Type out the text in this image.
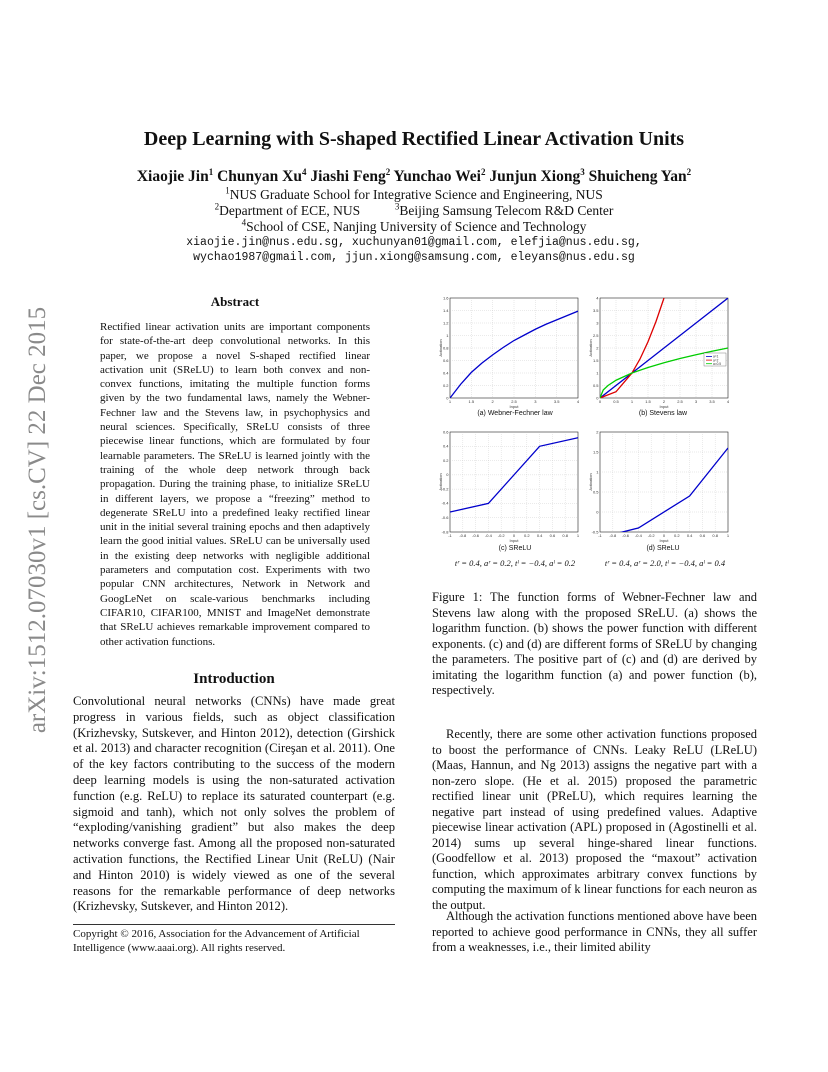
arXiv:1512.07030v1 [cs.CV] 22 Dec 2015
Deep Learning with S-shaped Rectified Linear Activation Units
Xiaojie Jin$^1$ Chunyan Xu$^4$ Jiashi Feng$^2$ Yunchao Wei$^2$ Junjun Xiong$^3$ Shuicheng Yan$^2$
$^1$NUS Graduate School for Integrative Science and Engineering, NUS
$^2$Department of ECE, NUS	$^3$Beijing Samsung Telecom R&D Center
$^4$School of CSE, Nanjing University of Science and Technology
xiaojie.jin@nus.edu.sg, xuchunyan01@gmail.com, elefjia@nus.edu.sg,
wychao1987@gmail.com, jjun.xiong@samsung.com, eleyans@nus.edu.sg
Abstract
Rectified linear activation units are important components for state-of-the-art deep convolutional networks. In this paper, we propose a novel S-shaped rectified linear activation unit (SReLU) to learn both convex and non-convex functions, imitating the multiple function forms given by the two fundamental laws, namely the Webner-Fechner law and the Stevens law, in psychophysics and neural sciences. Specifically, SReLU consists of three piecewise linear functions, which are formulated by four learnable parameters. The SReLU is learned jointly with the training of the whole deep network through back propagation. During the training phase, to initialize SReLU in different layers, we propose a “freezing” method to degenerate SReLU into a predefined leaky rectified linear unit in the initial several training epochs and then adaptively learn the good initial values. SReLU can be universally used in the existing deep networks with negligible additional parameters and computation cost. Experiments with two popular CNN architectures, Network in Network and GoogLeNet on scale-various benchmarks including CIFAR10, CIFAR100, MNIST and ImageNet demonstrate that SReLU achieves remarkable improvement compared to other activation functions.
Introduction
Convolutional neural networks (CNNs) have made great progress in various fields, such as object classification (Krizhevsky, Sutskever, and Hinton 2012), detection (Girshick et al. 2013) and character recognition (Cireşan et al. 2011). One of the key factors contributing to the success of the modern deep learning models is using the non-saturated activation function (e.g. ReLU) to replace its saturated counterpart (e.g. sigmoid and tanh), which not only solves the problem of “exploding/vanishing gradient” but also makes the deep networks converge fast. Among all the proposed non-saturated activation functions, the Rectified Linear Unit (ReLU) (Nair and Hinton 2010) is widely viewed as one of the several reasons for the remarkable performance of deep networks (Krizhevsky, Sutskever, and Hinton 2012).
Copyright © 2016, Association for the Advancement of Artificial Intelligence (www.aaai.org). All rights reserved.
1	1.5	2	2.5	3	3.5	4
0
0.2
0.4
0.6
0.8
1
1.2
1.4
1.6
Input
Activation
0	0.5	1	1.5	2	2.5	3	3.5	4
0
0.5
1
1.5
2
2.5
3
3.5
4
Input
Activation
a=1
a=2
a=0.5
-1 -0.8 -0.6 -0.4 -0.2 0 0.2 0.4 0.6 0.8 1
-0.8
-0.6
-0.4
-0.2
0
0.2
0.4
0.6
Input
Activation
-1 -0.8 -0.6 -0.4 -0.2 0 0.2 0.4 0.6 0.8 1
-0.5
0
0.5
1
1.5
2
Input
Activation
(a) Webner-Fechner law	(b) Stevens law
(c) SReLU	(d) SReLU
tʳ = 0.4, aʳ = 0.2, tˡ = −0.4, aˡ = 0.2	tʳ = 0.4, aʳ = 2.0, tˡ = −0.4, aˡ = 0.4
Figure 1: The function forms of Webner-Fechner law and Stevens law along with the proposed SReLU. (a) shows the logarithm function. (b) shows the power function with different exponents. (c) and (d) are different forms of SReLU by changing the parameters. The positive part of (c) and (d) are derived by imitating the logarithm function (a) and power function (b), respectively.
Recently, there are some other activation functions proposed to boost the performance of CNNs. Leaky ReLU (LReLU) (Maas, Hannun, and Ng 2013) assigns the negative part with a non-zero slope. (He et al. 2015) proposed the parametric rectified linear unit (PReLU), which requires learning the negative part instead of using predefined values. Adaptive piecewise linear activation (APL) proposed in (Agostinelli et al. 2014) sums up several hinge-shared linear functions. (Goodfellow et al. 2013) proposed the “maxout” activation function, which approximates arbitrary convex functions by computing the maximum of k linear functions for each neuron as the output.
Although the activation functions mentioned above have been reported to achieve good performance in CNNs, they all suffer from a weaknesses, i.e., their limited ability
